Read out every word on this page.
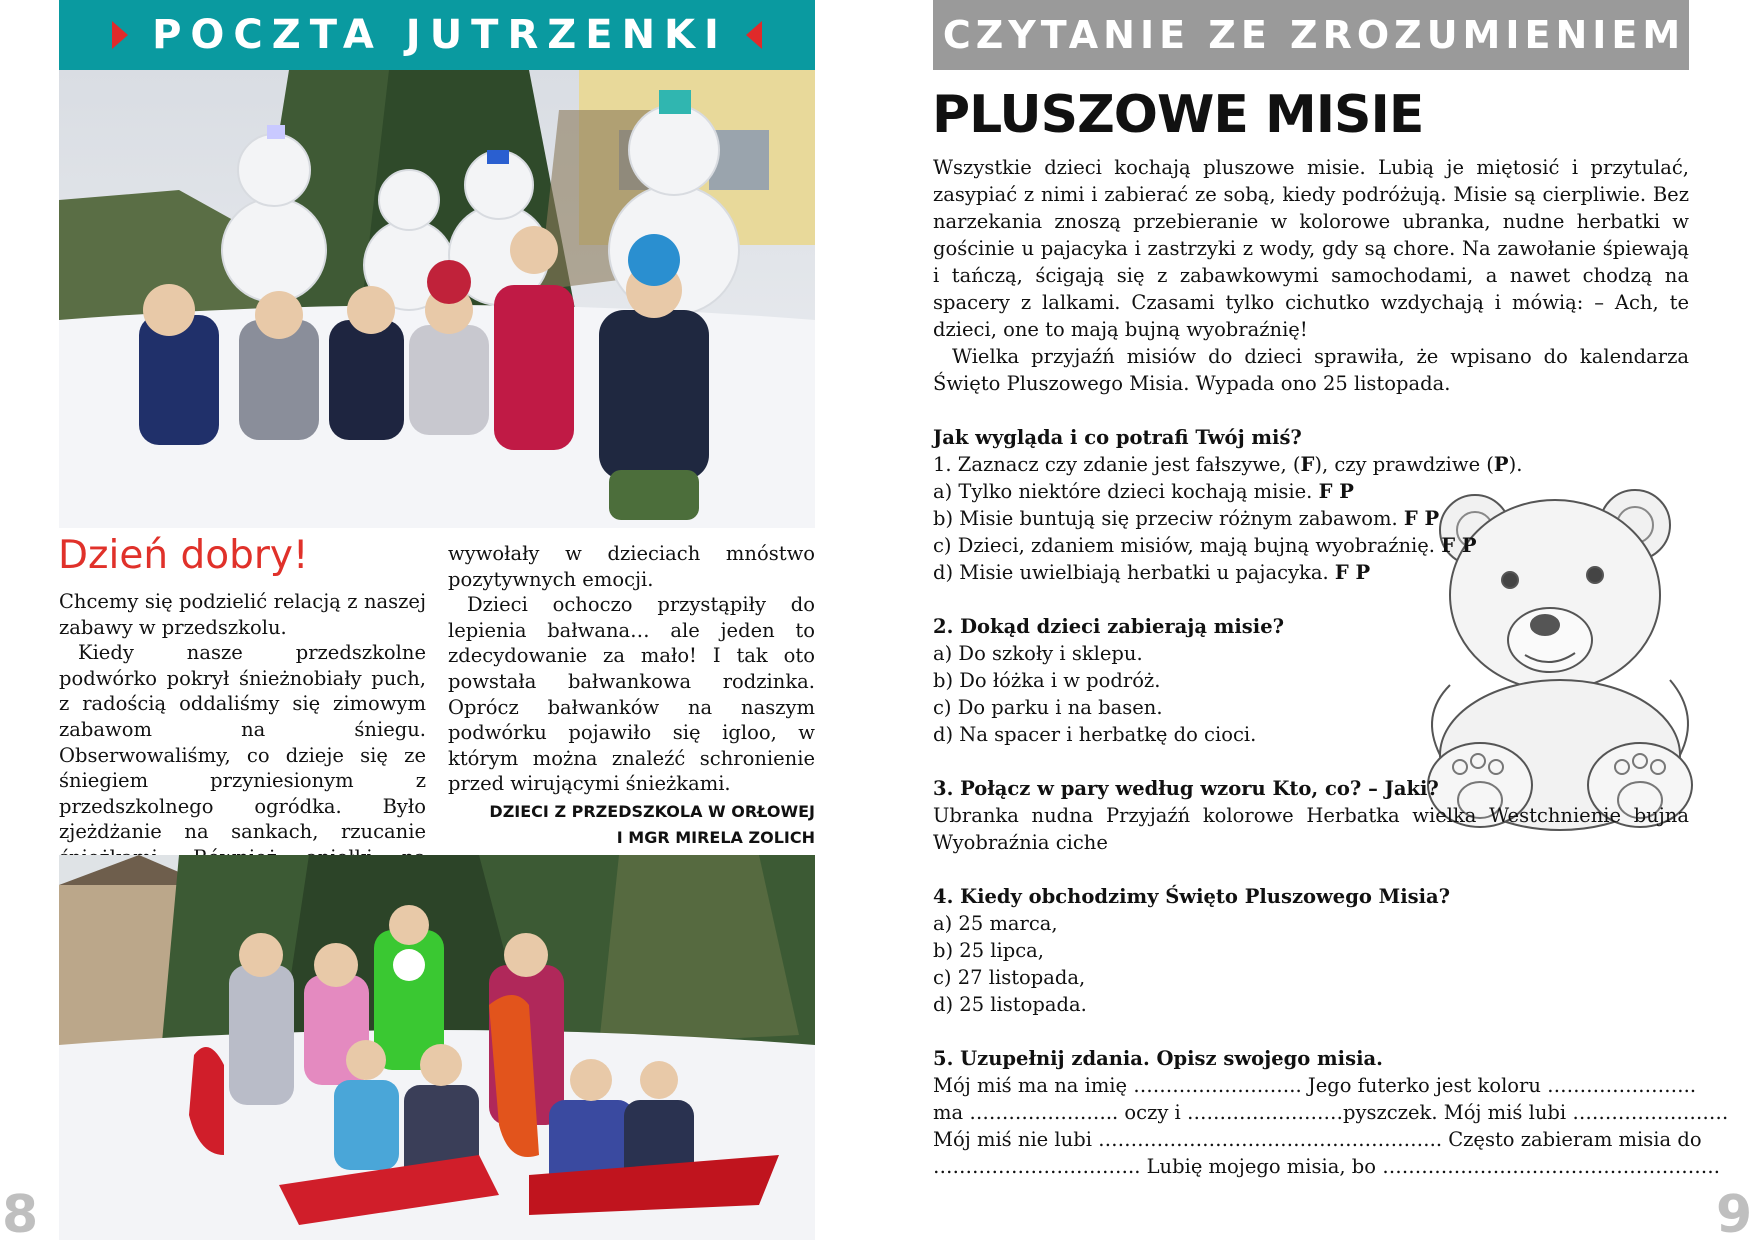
POCZTA JUTRZENKI
Dzień dobry!

Chcemy się podzielić relacją z naszej zabawy w przedszkolu.

Kiedy nasze przedszkolne podwórko pokrył śnieżnobiały puch, z radością oddaliśmy się zimowym zabawom na śniegu. Obserwowaliśmy, co dzieje się ze śniegiem przyniesionym z przedszkolnego ogródka. Było zjeżdżanie na sankach, rzucanie

wywołały w dzieciach mnóstwo pozytywnych emocji.

Dzieci ochoczo przystąpiły do lepienia bałwana… ale jeden to zdecydowanie za mało! I tak oto powstała bałwankowa rodzinka. Oprócz bałwanków na naszym podwórku pojawiło się igloo, w którym można znaleźć schronienie przed wirującymi śnieżkami.

DZIECI Z PRZEDSZKOLA W ORŁOWEJ
I MGR MIRELA ZOLICH
8
CZYTANIE ZE ZROZUMIENIEM
PLUSZOWE MISIE

Wszystkie dzieci kochają pluszowe misie. Lubią je miętosić i przytulać, zasypiać z nimi i zabierać ze sobą, kiedy podróżują. Misie są cierpliwie. Bez narzekania znoszą przebieranie w kolorowe ubranka, nudne herbatki w gościnie u pajacyka i zastrzyki z wody, gdy są chore. Na zawołanie śpiewają i tańczą, ścigają się z zabawkowymi samochodami, a nawet chodzą na spacery z lalkami. Czasami tylko cichutko wzdychają i mówią: – Ach, te dzieci, one to mają bujną wyobraźnię!

Wielka przyjaźń misiów do dzieci sprawiła, że wpisano do kalendarza Święto Pluszowego Misia. Wypada ono 25 listopada.

Jak wygląda i co potrafi Twój miś?
1. Zaznacz czy zdanie jest fałszywe, (F), czy prawdziwe (P).
a) Tylko niektóre dzieci kochają misie. F P
b) Misie buntują się przeciw różnym zabawom. F P
c) Dzieci, zdaniem misiów, mają bujną wyobraźnię. F P
d) Misie uwielbiają herbatki u pajacyka. F P
2. Dokąd dzieci zabierają misie?
a) Do szkoły i sklepu.
b) Do łóżka i w podróż.
c) Do parku i na basen.
d) Na spacer i herbatkę do cioci.
3. Połącz w pary według wzoru Kto, co? – Jaki?
Ubranka nudna Przyjaźń kolorowe Herbatka wielka Westchnienie bujna Wyobraźnia ciche
4. Kiedy obchodzimy Święto Pluszowego Misia?
a) 25 marca,
b) 25 lipca,
c) 27 listopada,
d) 25 listopada.
5. Uzupełnij zdania. Opisz swojego misia.
Mój miś ma na imię …………………….. Jego futerko jest koloru …………………..
ma ………………….. oczy i ……………………pyszczek. Mój miś lubi ……………………
Mój miś nie lubi …………………………………………….. Często zabieram misia do
………………………….. Lubię mojego misia, bo …………………………………………….
9
